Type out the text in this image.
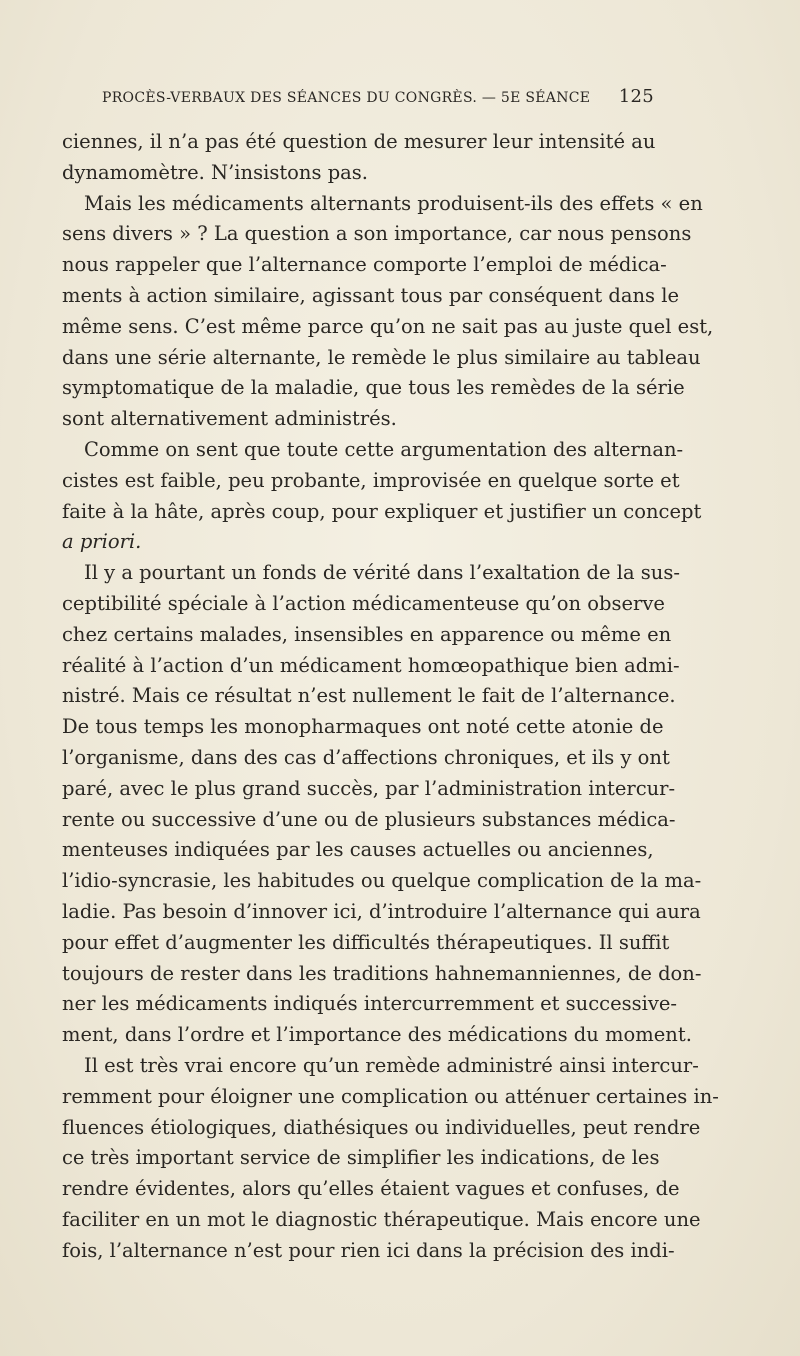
PROCÈS-VERBAUX DES SÉANCES DU CONGRÈS. — 5E SÉANCE 125
ciennes, il n’a pas été question de mesurer leur intensité au
dynamomètre. N’insistons pas.
Mais les médicaments alternants produisent-ils des effets « en
sens divers » ? La question a son importance, car nous pensons
nous rappeler que l’alternance comporte l’emploi de médica-
ments à action similaire, agissant tous par conséquent dans le
même sens. C’est même parce qu’on ne sait pas au juste quel est,
dans une série alternante, le remède le plus similaire au tableau
symptomatique de la maladie, que tous les remèdes de la série
sont alternativement administrés.
Comme on sent que toute cette argumentation des alternan-
cistes est faible, peu probante, improvisée en quelque sorte et
faite à la hâte, après coup, pour expliquer et justifier un concept
a priori.
Il y a pourtant un fonds de vérité dans l’exaltation de la sus-
ceptibilité spéciale à l’action médicamenteuse qu’on observe
chez certains malades, insensibles en apparence ou même en
réalité à l’action d’un médicament homœopathique bien admi-
nistré. Mais ce résultat n’est nullement le fait de l’alternance.
De tous temps les monopharmaques ont noté cette atonie de
l’organisme, dans des cas d’affections chroniques, et ils y ont
paré, avec le plus grand succès, par l’administration intercur-
rente ou successive d’une ou de plusieurs substances médica-
menteuses indiquées par les causes actuelles ou anciennes,
l’idio-syncrasie, les habitudes ou quelque complication de la ma-
ladie. Pas besoin d’innover ici, d’introduire l’alternance qui aura
pour effet d’augmenter les difficultés thérapeutiques. Il suffit
toujours de rester dans les traditions hahnemanniennes, de don-
ner les médicaments indiqués intercurremment et successive-
ment, dans l’ordre et l’importance des médications du moment.
Il est très vrai encore qu’un remède administré ainsi intercur-
remment pour éloigner une complication ou atténuer certaines in-
fluences étiologiques, diathésiques ou individuelles, peut rendre
ce très important service de simplifier les indications, de les
rendre évidentes, alors qu’elles étaient vagues et confuses, de
faciliter en un mot le diagnostic thérapeutique. Mais encore une
fois, l’alternance n’est pour rien ici dans la précision des indi-
